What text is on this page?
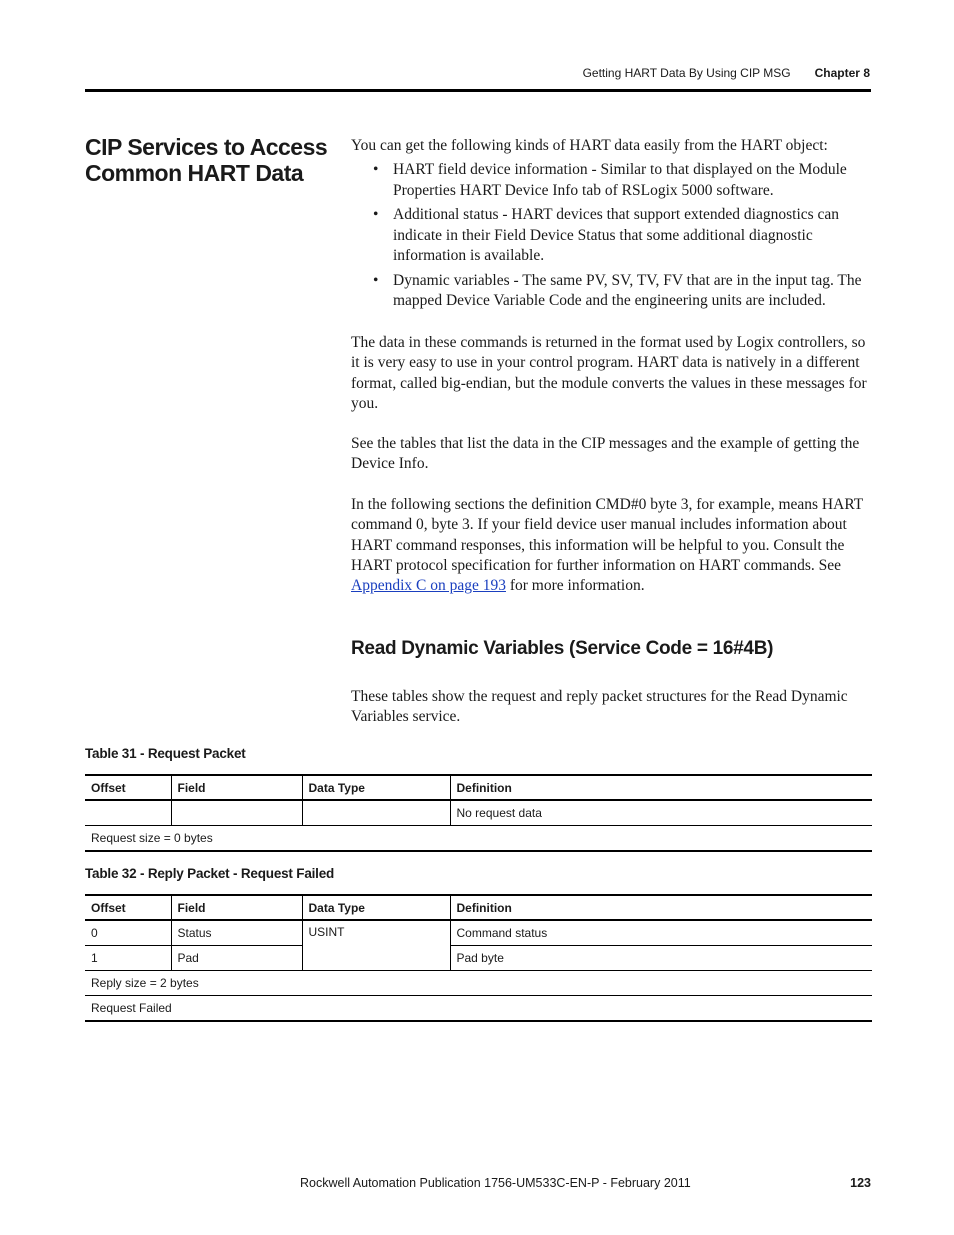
Getting HART Data By Using CIP MSG Chapter 8
CIP Services to Access Common HART Data

You can get the following kinds of HART data easily from the HART object:

• HART field device information - Similar to that displayed on the Module Properties HART Device Info tab of RSLogix 5000 software.
• Additional status - HART devices that support extended diagnostics can indicate in their Field Device Status that some additional diagnostic information is available.
• Dynamic variables - The same PV, SV, TV, FV that are in the input tag. The mapped Device Variable Code and the engineering units are included.

The data in these commands is returned in the format used by Logix controllers, so it is very easy to use in your control program. HART data is natively in a different format, called big-endian, but the module converts the values in these messages for you.

See the tables that list the data in the CIP messages and the example of getting the Device Info.

In the following sections the definition CMD#0 byte 3, for example, means HART command 0, byte 3. If your field device user manual includes information about HART command responses, this information will be helpful to you. Consult the HART protocol specification for further information on HART commands. See Appendix C on page 193 for more information.

Read Dynamic Variables (Service Code = 16#4B)

These tables show the request and reply packet structures for the Read Dynamic Variables service.

Table 31 - Request Packet
Offset	Field	Data Type	Definition
			No request data
Request size = 0 bytes			
Table 32 - Reply Packet - Request Failed
Offset	Field	Data Type	Definition
0	Status	USINT	Command status
1	Pad		Pad byte
Reply size = 2 bytes			
Request Failed			
Rockwell Automation Publication 1756-UM533C-EN-P - February 2011	123
